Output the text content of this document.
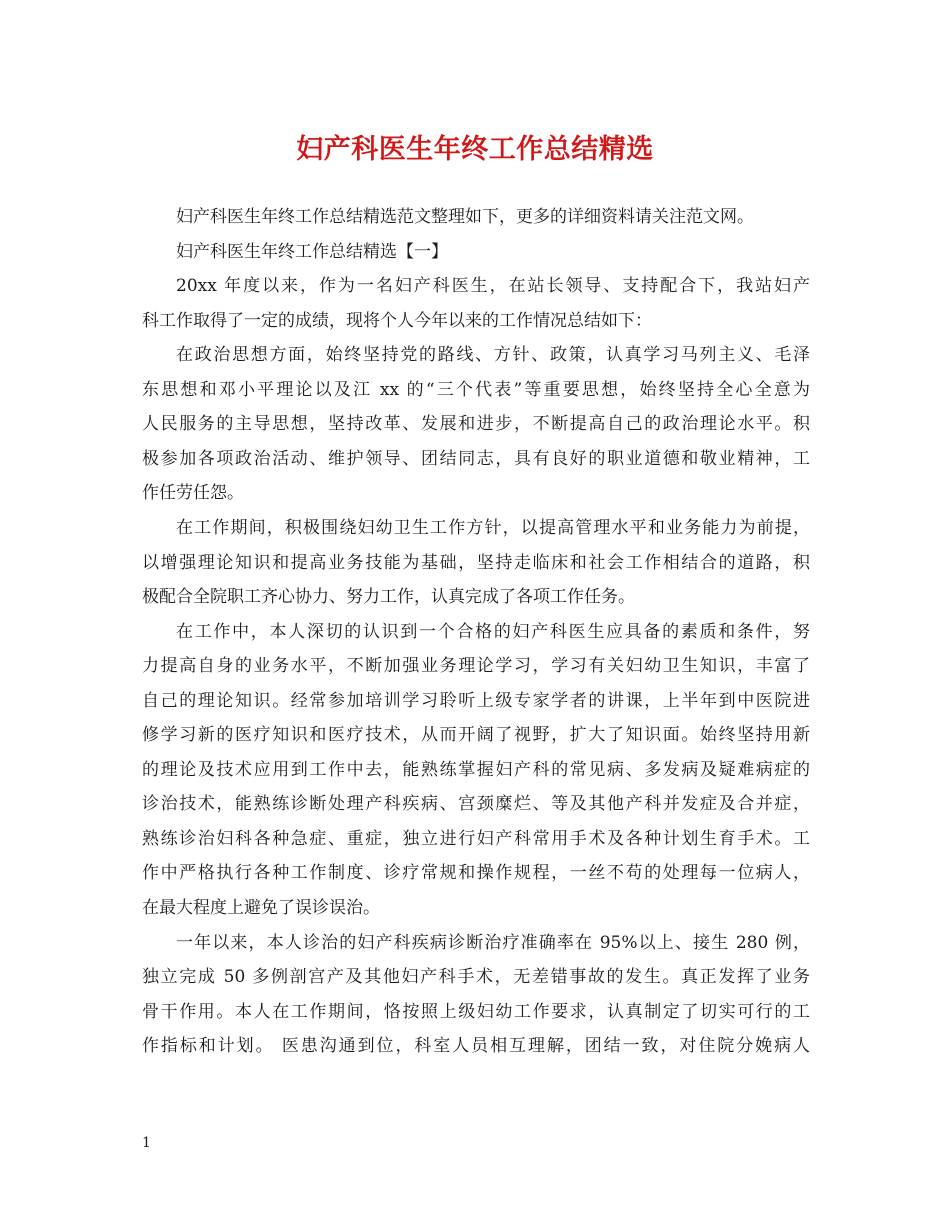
妇产科医生年终工作总结精选
妇产科医生年终工作总结精选范文整理如下，更多的详细资料请关注范文网。
妇产科医生年终工作总结精选【一】
20xx 年度以来，作为一名妇产科医生，在站长领导、支持配合下，我站妇产
科工作取得了一定的成绩，现将个人今年以来的工作情况总结如下：
在政治思想方面，始终坚持党的路线、方针、政策，认真学习马列主义、毛泽
东思想和邓小平理论以及江 xx 的“三个代表”等重要思想，始终坚持全心全意为
人民服务的主导思想，坚持改革、发展和进步，不断提高自己的政治理论水平。积
极参加各项政治活动、维护领导、团结同志，具有良好的职业道德和敬业精神，工
作任劳任怨。
在工作期间，积极围绕妇幼卫生工作方针，以提高管理水平和业务能力为前提，
以增强理论知识和提高业务技能为基础，坚持走临床和社会工作相结合的道路，积
极配合全院职工齐心协力、努力工作，认真完成了各项工作任务。
在工作中，本人深切的认识到一个合格的妇产科医生应具备的素质和条件，努
力提高自身的业务水平，不断加强业务理论学习，学习有关妇幼卫生知识，丰富了
自己的理论知识。经常参加培训学习聆听上级专家学者的讲课，上半年到中医院进
修学习新的医疗知识和医疗技术，从而开阔了视野，扩大了知识面。始终坚持用新
的理论及技术应用到工作中去，能熟练掌握妇产科的常见病、多发病及疑难病症的
诊治技术，能熟练诊断处理产科疾病、宫颈糜烂、等及其他产科并发症及合并症，
熟练诊治妇科各种急症、重症，独立进行妇产科常用手术及各种计划生育手术。工
作中严格执行各种工作制度、诊疗常规和操作规程，一丝不苟的处理每一位病人，
在最大程度上避免了误诊误治。
一年以来，本人诊治的妇产科疾病诊断治疗准确率在 95%以上、接生 280 例，
独立完成 50 多例剖宫产及其他妇产科手术，无差错事故的发生。真正发挥了业务
骨干作用。本人在工作期间，恪按照上级妇幼工作要求，认真制定了切实可行的工
作指标和计划。 医患沟通到位，科室人员相互理解，团结一致，对住院分娩病人
1
